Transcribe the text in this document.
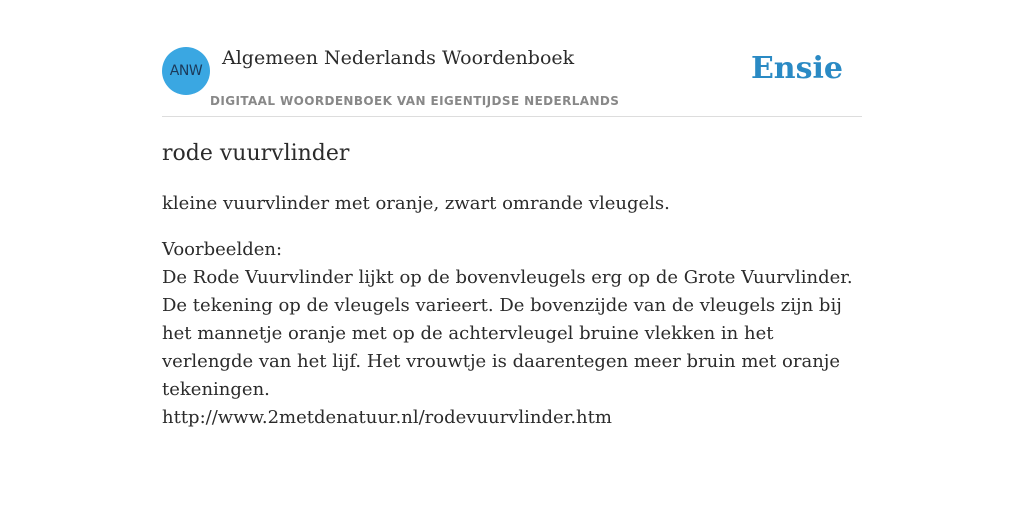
ANW
Algemeen Nederlands Woordenboek
DIGITAAL WOORDENBOEK VAN EIGENTIJDSE NEDERLANDS
Ensie
rode vuurvlinder

kleine vuurvlinder met oranje, zwart omrande vleugels.

Voorbeelden:
De Rode Vuurvlinder lijkt op de bovenvleugels erg op de Grote Vuurvlinder. De tekening op de vleugels varieert. De bovenzijde van de vleugels zijn bij het mannetje oranje met op de achtervleugel bruine vlekken in het verlengde van het lijf. Het vrouwtje is daarentegen meer bruin met oranje tekeningen.
http://www.2metdenatuur.nl/rodevuurvlinder.htm
